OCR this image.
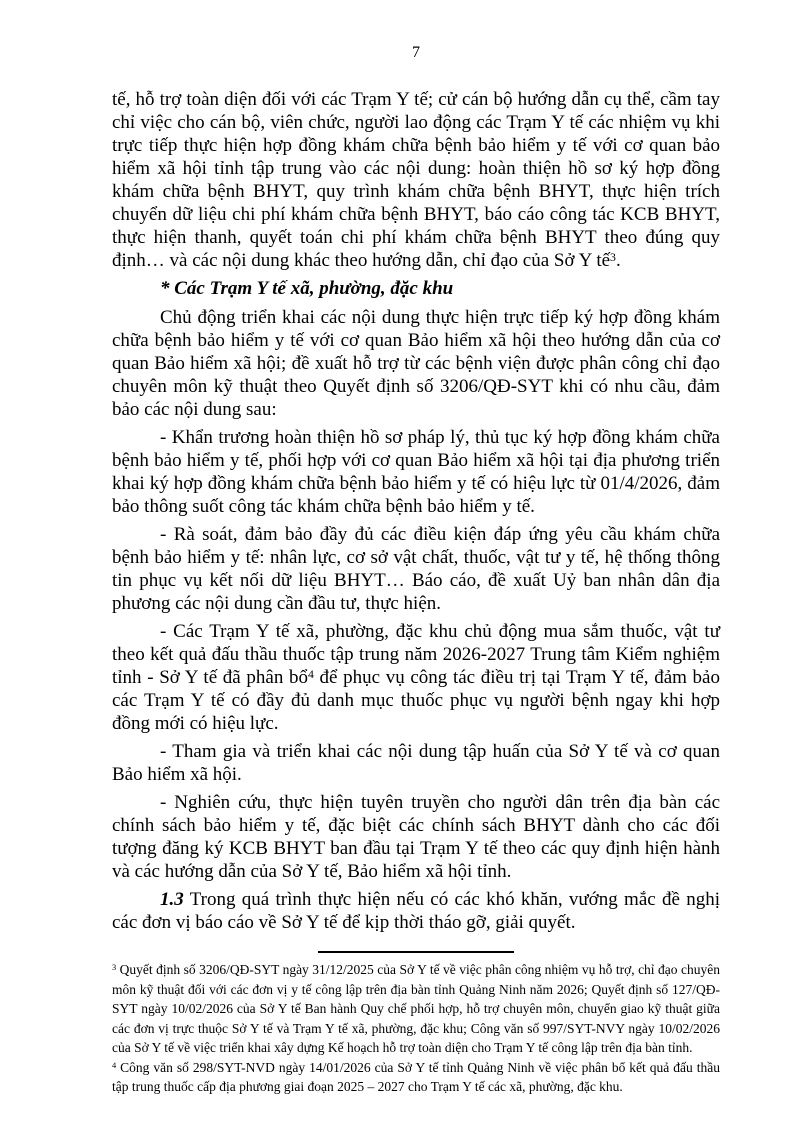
7

tế, hỗ trợ toàn diện đối với các Trạm Y tế; cử cán bộ hướng dẫn cụ thể, cầm tay chỉ việc cho cán bộ, viên chức, người lao động các Trạm Y tế các nhiệm vụ khi trực tiếp thực hiện hợp đồng khám chữa bệnh bảo hiểm y tế với cơ quan bảo hiểm xã hội tỉnh tập trung vào các nội dung: hoàn thiện hồ sơ ký hợp đồng khám chữa bệnh BHYT, quy trình khám chữa bệnh BHYT, thực hiện trích chuyển dữ liệu chi phí khám chữa bệnh BHYT, báo cáo công tác KCB BHYT, thực hiện thanh, quyết toán chi phí khám chữa bệnh BHYT theo đúng quy định… và các nội dung khác theo hướng dẫn, chỉ đạo của Sở Y tế$^3$.

* Các Trạm Y tế xã, phường, đặc khu

Chủ động triển khai các nội dung thực hiện trực tiếp ký hợp đồng khám chữa bệnh bảo hiểm y tế với cơ quan Bảo hiểm xã hội theo hướng dẫn của cơ quan Bảo hiểm xã hội; đề xuất hỗ trợ từ các bệnh viện được phân công chỉ đạo chuyên môn kỹ thuật theo Quyết định số 3206/QĐ-SYT khi có nhu cầu, đảm bảo các nội dung sau:

- Khẩn trương hoàn thiện hồ sơ pháp lý, thủ tục ký hợp đồng khám chữa bệnh bảo hiểm y tế, phối hợp với cơ quan Bảo hiểm xã hội tại địa phương triển khai ký hợp đồng khám chữa bệnh bảo hiểm y tế có hiệu lực từ 01/4/2026, đảm bảo thông suốt công tác khám chữa bệnh bảo hiểm y tế.

- Rà soát, đảm bảo đầy đủ các điều kiện đáp ứng yêu cầu khám chữa bệnh bảo hiểm y tế: nhân lực, cơ sở vật chất, thuốc, vật tư y tế, hệ thống thông tin phục vụ kết nối dữ liệu BHYT… Báo cáo, đề xuất Uỷ ban nhân dân địa phương các nội dung cần đầu tư, thực hiện.

- Các Trạm Y tế xã, phường, đặc khu chủ động mua sắm thuốc, vật tư theo kết quả đấu thầu thuốc tập trung năm 2026-2027 Trung tâm Kiểm nghiệm tỉnh - Sở Y tế đã phân bổ$^4$ để phục vụ công tác điều trị tại Trạm Y tế, đảm bảo các Trạm Y tế có đầy đủ danh mục thuốc phục vụ người bệnh ngay khi hợp đồng mới có hiệu lực.

- Tham gia và triển khai các nội dung tập huấn của Sở Y tế và cơ quan Bảo hiểm xã hội.

- Nghiên cứu, thực hiện tuyên truyền cho người dân trên địa bàn các chính sách bảo hiểm y tế, đặc biệt các chính sách BHYT dành cho các đối tượng đăng ký KCB BHYT ban đầu tại Trạm Y tế theo các quy định hiện hành và các hướng dẫn của Sở Y tế, Bảo hiểm xã hội tỉnh.

1.3 Trong quá trình thực hiện nếu có các khó khăn, vướng mắc đề nghị các đơn vị báo cáo về Sở Y tế để kịp thời tháo gỡ, giải quyết.

$^3$ Quyết định số 3206/QĐ-SYT ngày 31/12/2025 của Sở Y tế về việc phân công nhiệm vụ hỗ trợ, chỉ đạo chuyên môn kỹ thuật đối với các đơn vị y tế công lập trên địa bàn tỉnh Quảng Ninh năm 2026; Quyết định số 127/QĐ-SYT ngày 10/02/2026 của Sở Y tế Ban hành Quy chế phối hợp, hỗ trợ chuyên môn, chuyển giao kỹ thuật giữa các đơn vị trực thuộc Sở Y tế và Trạm Y tế xã, phường, đặc khu; Công văn số 997/SYT-NVY ngày 10/02/2026 của Sở Y tế về việc triển khai xây dựng Kế hoạch hỗ trợ toàn diện cho Trạm Y tế công lập trên địa bàn tỉnh.

$^4$ Công văn số 298/SYT-NVD ngày 14/01/2026 của Sở Y tế tỉnh Quảng Ninh về việc phân bổ kết quả đấu thầu tập trung thuốc cấp địa phương giai đoạn 2025 – 2027 cho Trạm Y tế các xã, phường, đặc khu.
